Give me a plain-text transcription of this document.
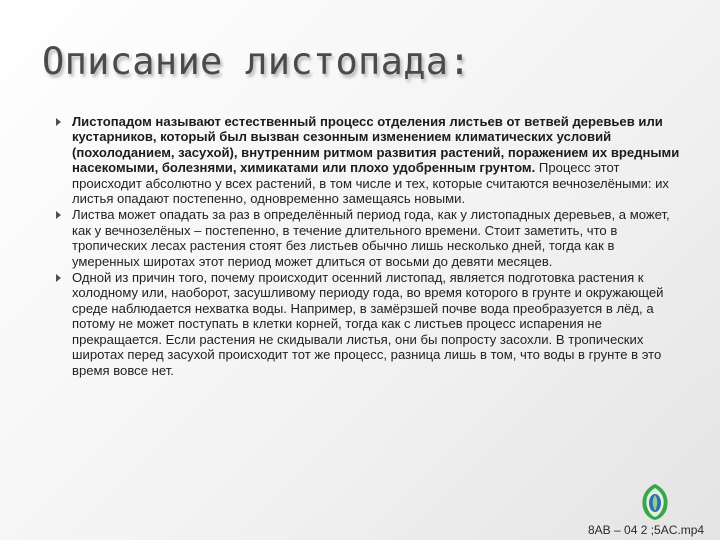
Описание листопада:
Листопадом называют естественный процесс отделения листьев от ветвей деревьев или кустарников, который был вызван сезонным изменением климатических условий (похолоданием, засухой), внутренним ритмом развития растений, поражением их вредными насекомыми, болезнями, химикатами или плохо удобренным грунтом. Процесс этот происходит абсолютно у всех растений, в том числе и тех, которые считаются вечнозелёными: их листья опадают постепенно, одновременно замещаясь новыми.
Листва может опадать за раз в определённый период года, как у листопадных деревьев, а может, как у вечнозелёных – постепенно, в течение длительного времени. Стоит заметить, что в тропических лесах растения стоят без листьев обычно лишь несколько дней, тогда как в умеренных широтах этот период может длиться от восьми до девяти месяцев.
Одной из причин того, почему происходит осенний листопад, является подготовка растения к холодному или, наоборот, засушливому периоду года, во время которого в грунте и окружающей среде наблюдается нехватка воды. Например, в замёрзшей почве вода преобразуется в лёд, а потому не может поступать в клетки корней, тогда как с листьев процесс испарения не прекращается. Если растения не скидывали листья, они бы попросту засохли. В тропических широтах перед засухой происходит тот же процесс, разница лишь в том, что воды в грунте в это время вовсе нет.
8AB – 04 2 ;5AC.mp4
